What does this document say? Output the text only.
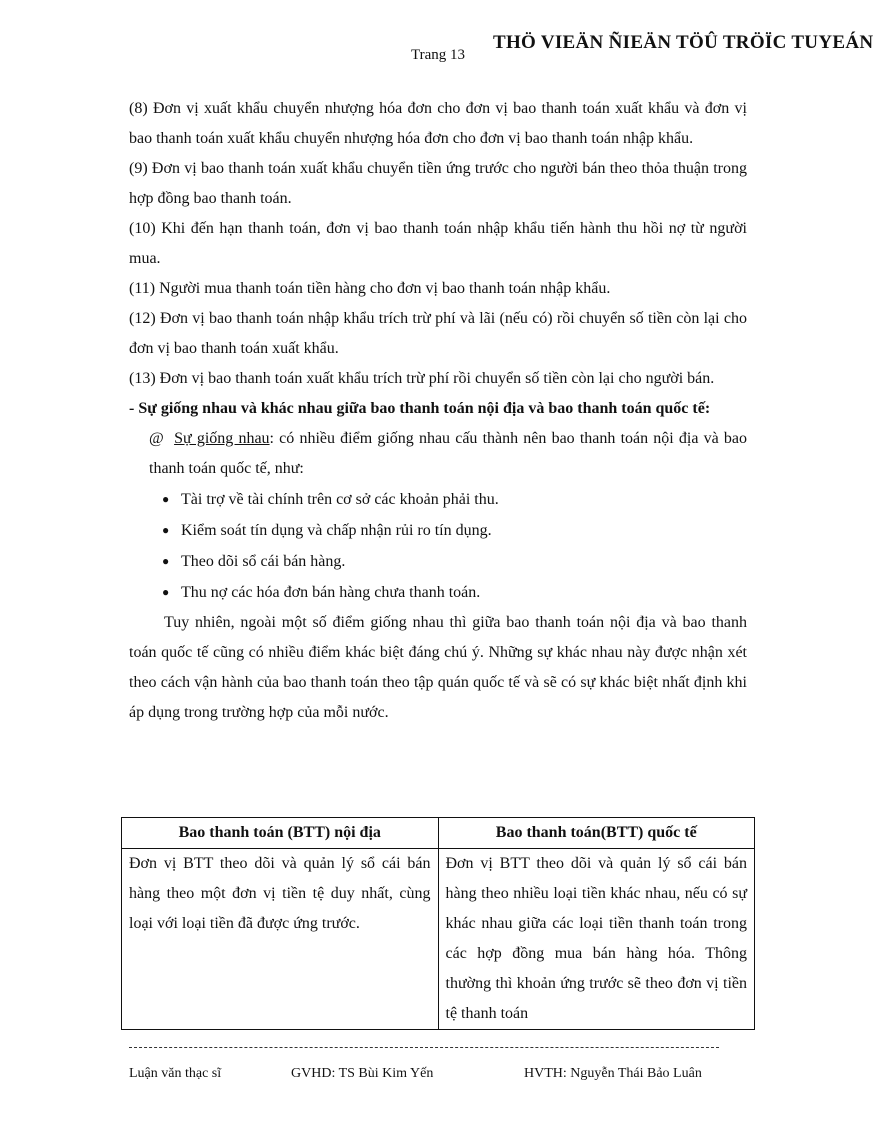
Trang 13
THÖ VIEÄN ÑIEÄN TÖÛ TRÖÏC TUYEÁN

(8) Đơn vị xuất khẩu chuyển nhượng hóa đơn cho đơn vị bao thanh toán xuất khẩu và đơn vị bao thanh toán xuất khẩu chuyển nhượng hóa đơn cho đơn vị bao thanh toán nhập khẩu.

(9) Đơn vị bao thanh toán xuất khẩu chuyển tiền ứng trước cho người bán theo thỏa thuận trong hợp đồng bao thanh toán.

(10) Khi đến hạn thanh toán, đơn vị bao thanh toán nhập khẩu tiến hành thu hồi nợ từ người mua.

(11) Người mua thanh toán tiền hàng cho đơn vị bao thanh toán nhập khẩu.

(12) Đơn vị bao thanh toán nhập khẩu trích trừ phí và lãi (nếu có) rồi chuyển số tiền còn lại cho đơn vị bao thanh toán xuất khẩu.

(13) Đơn vị bao thanh toán xuất khẩu trích trừ phí rồi chuyển số tiền còn lại cho người bán.

- Sự giống nhau và khác nhau giữa bao thanh toán nội địa và bao thanh toán quốc tế:

@ Sự giống nhau: có nhiều điểm giống nhau cấu thành nên bao thanh toán nội địa và bao thanh toán quốc tế, như:

● Tài trợ về tài chính trên cơ sở các khoản phải thu.
● Kiểm soát tín dụng và chấp nhận rủi ro tín dụng.
● Theo dõi sổ cái bán hàng.
● Thu nợ các hóa đơn bán hàng chưa thanh toán.

Tuy nhiên, ngoài một số điểm giống nhau thì giữa bao thanh toán nội địa và bao thanh toán quốc tế cũng có nhiều điểm khác biệt đáng chú ý. Những sự khác nhau này được nhận xét theo cách vận hành của bao thanh toán theo tập quán quốc tế và sẽ có sự khác biệt nhất định khi áp dụng trong trường hợp của mỗi nước.

Bao thanh toán (BTT) nội địa	Bao thanh toán(BTT) quốc tế
Đơn vị BTT theo dõi và quản lý sổ cái bán hàng theo một đơn vị tiền tệ duy nhất, cùng loại với loại tiền đã được ứng trước.	Đơn vị BTT theo dõi và quản lý sổ cái bán hàng theo nhiều loại tiền khác nhau, nếu có sự khác nhau giữa các loại tiền thanh toán trong các hợp đồng mua bán hàng hóa. Thông thường thì khoản ứng trước sẽ theo đơn vị tiền tệ thanh toán
Luận văn thạc sĩ	GVHD: TS Bùi Kim Yến	HVTH: Nguyễn Thái Bảo Luân
